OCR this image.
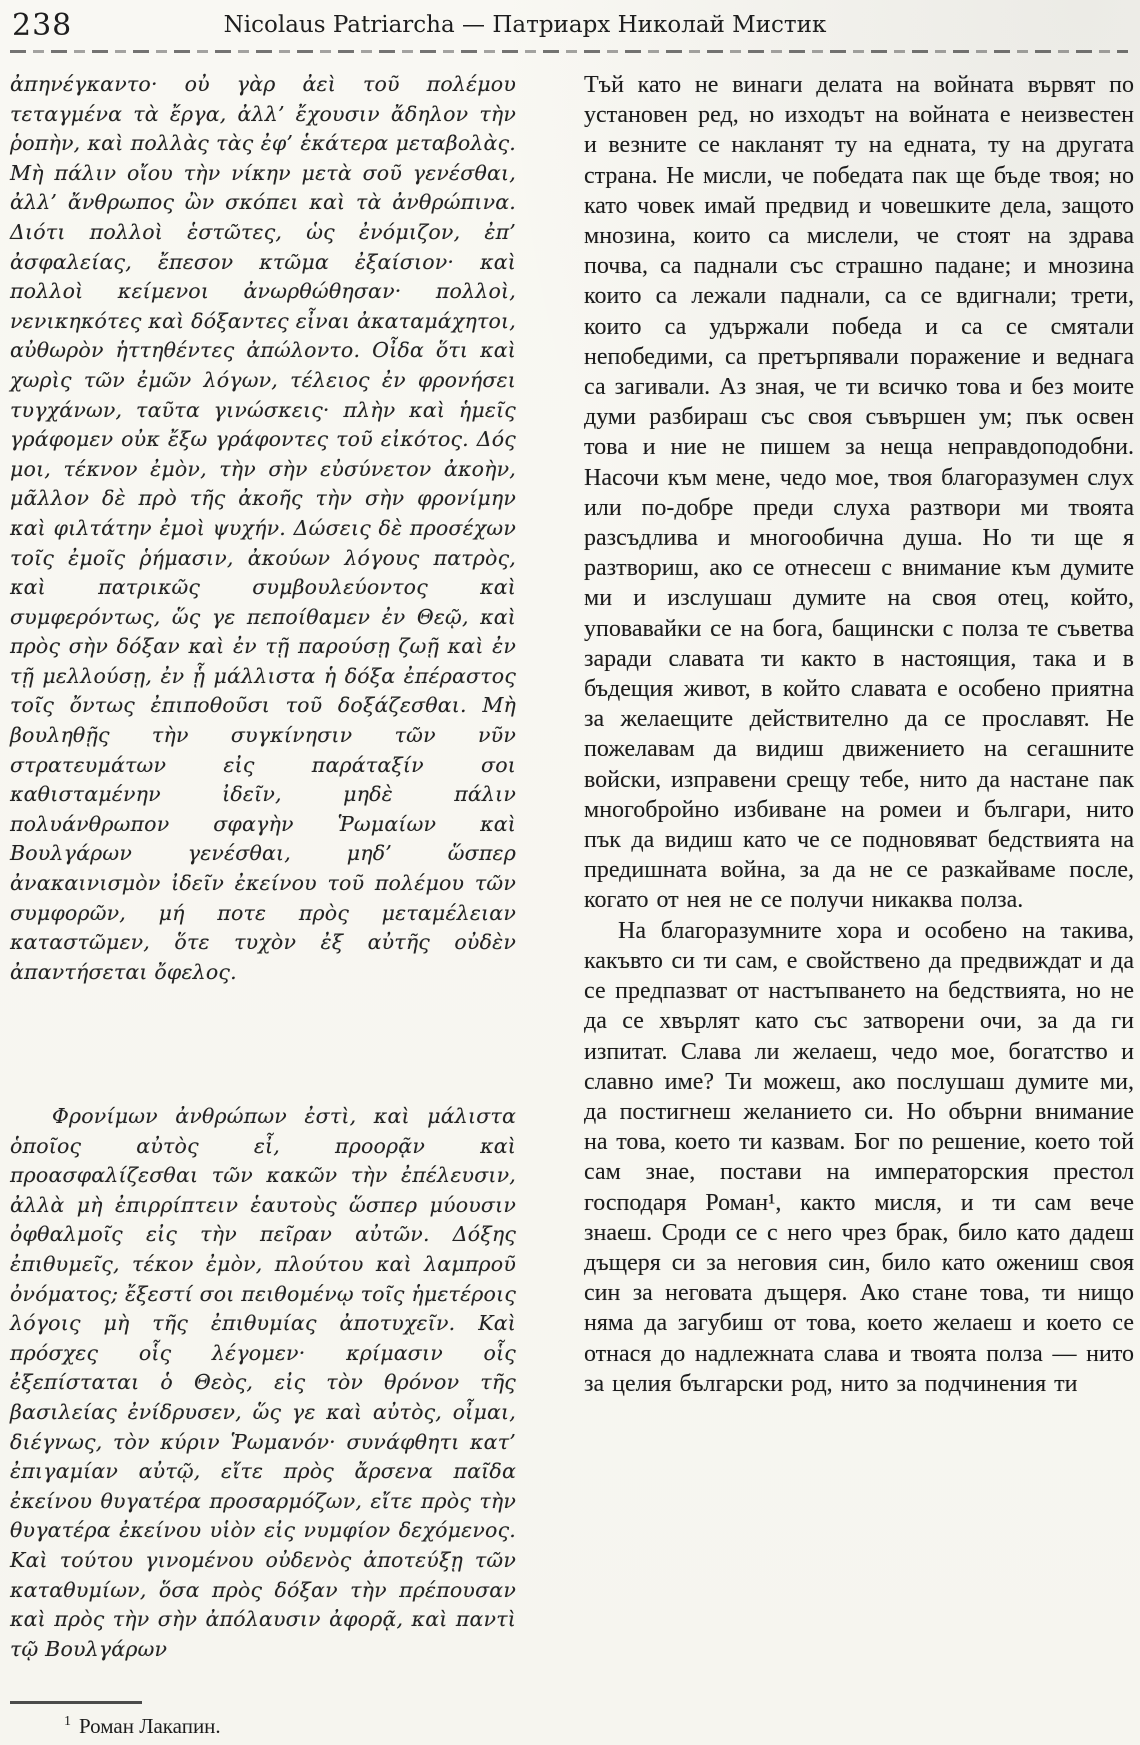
238	Nicolaus Patriarcha — Патриарх Николай Мистик

ἀπηνέγκαντο· οὐ γὰρ ἀεὶ τοῦ πολέμου τεταγμένα τὰ ἔργα, ἀλλ’ ἔχουσιν ἄδηλον τὴν ῥοπὴν, καὶ πολλὰς τὰς ἐφ’ ἑκάτερα μεταβολὰς. Μὴ πάλιν οἴου τὴν νίκην μετὰ σοῦ γενέσθαι, ἀλλ’ ἄνθρωπος ὢν σκόπει καὶ τὰ ἀνθρώπινα. Διότι πολλοὶ ἑστῶτες, ὡς ἐνόμιζον, ἐπ’ ἀσφαλείας, ἔπεσον κτῶμα ἐξαίσιον· καὶ πολλοὶ κείμενοι ἀνωρθώθησαν· πολλοὶ, νενικηκότες καὶ δόξαντες εἶναι ἀκαταμάχητοι, αὐθωρὸν ἡττηθέντες ἀπώλοντο. Οἶδα ὅτι καὶ χωρὶς τῶν ἐμῶν λόγων, τέλειος ἐν φρονήσει τυγχάνων, ταῦτα γινώσκεις· πλὴν καὶ ἡμεῖς γράφομεν οὐκ ἔξω γράφοντες τοῦ εἰκότος. Δός μοι, τέκνον ἐμὸν, τὴν σὴν εὐσύνετον ἀκοὴν, μᾶλλον δὲ πρὸ τῆς ἀκοῆς τὴν σὴν φρονίμην καὶ φιλτάτην ἐμοὶ ψυχήν. Δώσεις δὲ προσέχων τοῖς ἐμοῖς ῥήμασιν, ἀκούων λόγους πατρὸς, καὶ πατρικῶς συμβουλεύοντος καὶ συμφερόντως, ὥς γε πεποίθαμεν ἐν Θεῷ, καὶ πρὸς σὴν δόξαν καὶ ἐν τῇ παρούσῃ ζωῇ καὶ ἐν τῇ μελλούσῃ, ἐν ᾗ μάλλιστα ἡ δόξα ἐπέραστος τοῖς ὄντως ἐπιποθοῦσι τοῦ δοξάζεσθαι. Μὴ βουληθῇς τὴν συγκίνησιν τῶν νῦν στρατευμάτων εἰς παράταξίν σοι καθισταμένην ἰδεῖν, μηδὲ πάλιν πολυάνθρωπον σφαγὴν Ῥωμαίων καὶ Βουλγάρων γενέσθαι, μηδ’ ὥσπερ ἀνακαινισμὸν ἰδεῖν ἐκείνου τοῦ πολέμου τῶν συμφορῶν, μή ποτε πρὸς μεταμέλειαν καταστῶμεν, ὅτε τυχὸν ἐξ αὐτῆς οὐδὲν ἀπαντήσεται ὄφελος.

Φρονίμων ἀνθρώπων ἐστὶ, καὶ μάλιστα ὁποῖος αὐτὸς εἶ, προορᾷν καὶ προασφαλίζεσθαι τῶν κακῶν τὴν ἐπέλευσιν, ἀλλὰ μὴ ἐπιρρίπτειν ἑαυτοὺς ὥσπερ μύουσιν ὀφθαλμοῖς εἰς τὴν πεῖραν αὐτῶν. Δόξης ἐπιθυμεῖς, τέκον ἐμὸν, πλούτου καὶ λαμπροῦ ὀνόματος; ἔξεστί σοι πειθομένῳ τοῖς ἡμετέροις λόγοις μὴ τῆς ἐπιθυμίας ἀποτυχεῖν. Καὶ πρόσχες οἷς λέγομεν· κρίμασιν οἷς ἐξεπίσταται ὁ Θεὸς, εἰς τὸν θρόνον τῆς βασιλείας ἐνίδρυσεν, ὥς γε καὶ αὐτὸς, οἶμαι, διέγνως, τὸν κύριν Ῥωμανόν· συνάφθητι κατ’ ἐπιγαμίαν αὐτῷ, εἴτε πρὸς ἄρσενα παῖδα ἐκείνου θυγατέρα προσαρμόζων, εἴτε πρὸς τὴν θυγατέρα ἐκείνου υἱὸν εἰς νυμφίον δεχόμενος. Καὶ τούτου γινομένου οὐδενὸς ἀποτεύξῃ τῶν καταθυμίων, ὅσα πρὸς δόξαν τὴν πρέπουσαν καὶ πρὸς τὴν σὴν ἀπόλαυσιν ἀφορᾷ, καὶ παντὶ τῷ Βουλγάρων

Тъй като не винаги делата на войната вървят по установен ред, но изходът на войната е неизвестен и везните се накланят ту на едната, ту на другата страна. Не мисли, че победата пак ще бъде твоя; но като човек имай предвид и човешките дела, защото мнозина, които са мислели, че стоят на здрава почва, са паднали със страшно падане; и мнозина които са лежали паднали, са се вдигнали; трети, които са удържали победа и са се смятали непобедими, са претърпявали поражение и веднага са загивали. Аз зная, че ти всичко това и без моите думи разбираш със своя съвършен ум; пък освен това и ние не пишем за неща неправдоподобни. Насочи към мене, чедо мое, твоя благоразумен слух или по-добре преди слуха разтвори ми твоята разсъдлива и многообична душа. Но ти ще я разтвориш, ако се отнесеш с внимание към думите ми и изслушаш думите на своя отец, който, уповавайки се на бога, бащински с полза те съветва заради славата ти както в настоящия, така и в бъдещия живот, в който славата е особено приятна за желаещите действително да се прославят. Не пожелавам да видиш движението на сегашните войски, изправени срещу тебе, нито да настане пак многобройно избиване на ромеи и българи, нито пък да видиш като че се подновяват бедствията на предишната война, за да не се разкайваме после, когато от нея не се получи никаква полза.

На благоразумните хора и особено на такива, какъвто си ти сам, е свойствено да предвиждат и да се предпазват от настъпването на бедствията, но не да се хвърлят като със затворени очи, за да ги изпитат. Слава ли желаеш, чедо мое, богатство и славно име? Ти можеш, ако послушаш думите ми, да постигнеш желанието си. Но обърни внимание на това, което ти казвам. Бог по решение, което той сам знае, постави на императорския престол господаря Роман¹, както мисля, и ти сам вече знаеш. Сроди се с него чрез брак, било като дадеш дъщеря си за неговия син, било като ожениш своя син за неговата дъщеря. Ако стане това, ти нищо няма да загубиш от това, което желаеш и което се отнася до надлежната слава и твоята полза — нито за целия български род, нито за подчинения ти

$^1$ Роман Лакапин.
